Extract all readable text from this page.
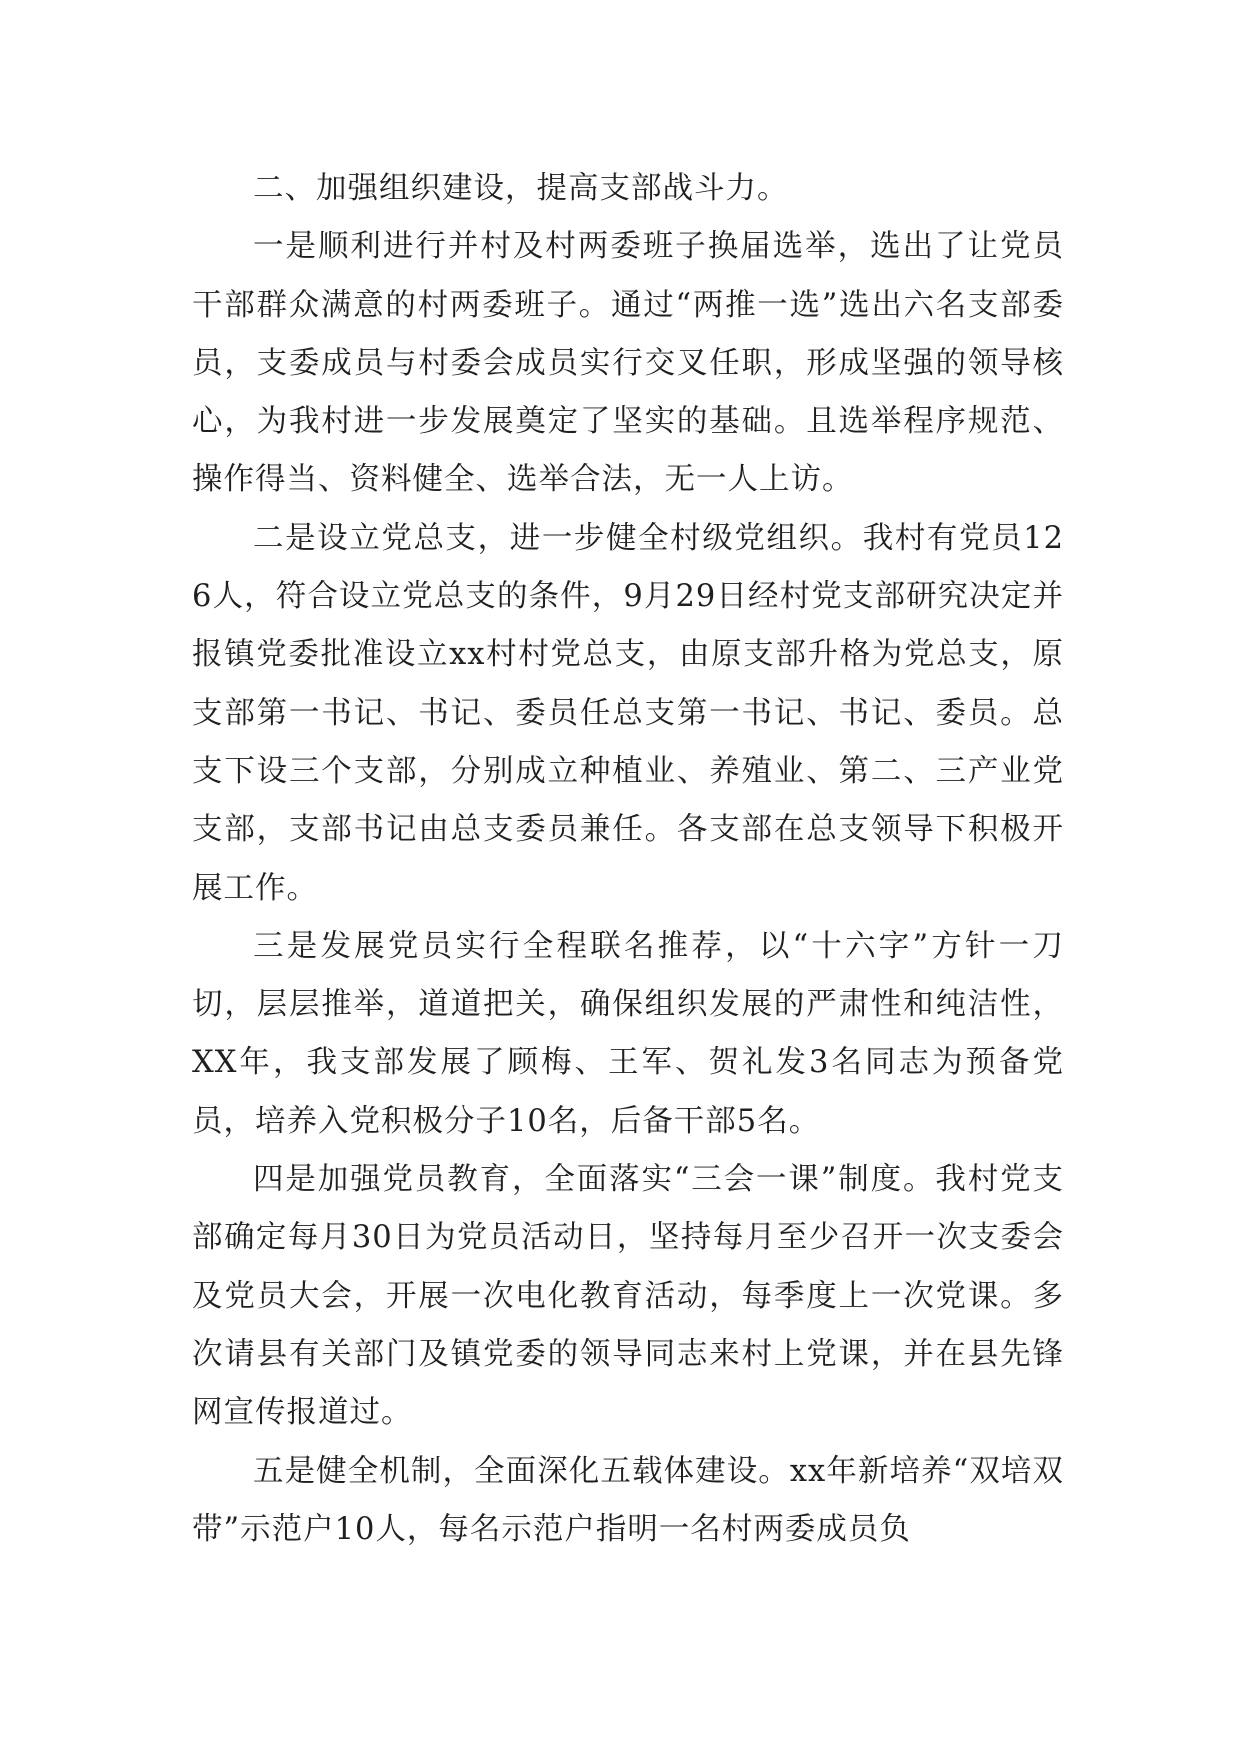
二、加强组织建设，提高支部战斗力。

一是顺利进行并村及村两委班子换届选举，选出了让党员干部群众满意的村两委班子。通过“两推一选”选出六名支部委员，支委成员与村委会成员实行交叉任职，形成坚强的领导核心，为我村进一步发展奠定了坚实的基础。且选举程序规范、操作得当、资料健全、选举合法，无一人上访。

二是设立党总支，进一步健全村级党组织。我村有党员126人，符合设立党总支的条件，9月29日经村党支部研究决定并报镇党委批准设立xx村村党总支，由原支部升格为党总支，原支部第一书记、书记、委员任总支第一书记、书记、委员。总支下设三个支部，分别成立种植业、养殖业、第二、三产业党支部，支部书记由总支委员兼任。各支部在总支领导下积极开展工作。

三是发展党员实行全程联名推荐，以“十六字”方针一刀切，层层推举，道道把关，确保组织发展的严肃性和纯洁性，XX年，我支部发展了顾梅、王军、贺礼发3名同志为预备党员，培养入党积极分子10名，后备干部5名。

四是加强党员教育，全面落实“三会一课”制度。我村党支部确定每月30日为党员活动日，坚持每月至少召开一次支委会及党员大会，开展一次电化教育活动，每季度上一次党课。多次请县有关部门及镇党委的领导同志来村上党课，并在县先锋网宣传报道过。

五是健全机制，全面深化五载体建设。xx年新培养“双培双带”示范户10人，每名示范户指明一名村两委成员负
